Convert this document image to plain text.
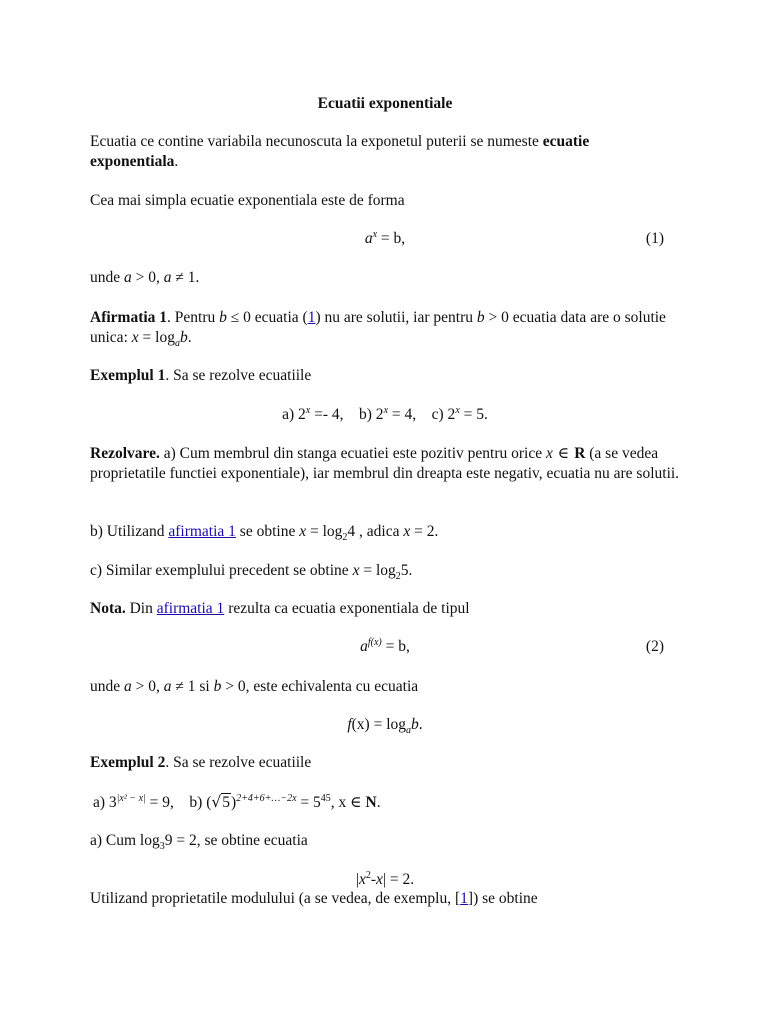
Ecuatii exponentiale
Ecuatia ce contine variabila necunoscuta la exponetul puterii se numeste ecuatie exponentiala.
Cea mai simpla ecuatie exponentiala este de forma
$a^x = b$,	(1)
unde a > 0, a ≠ 1.
Afirmatia 1. Pentru b ≤ 0 ecuatia (1) nu are solutii, iar pentru b > 0 ecuatia data are o solutie unica: $x = \log_ab$.
Exemplul 1. Sa se rezolve ecuatiile
a) $2^x =- 4$, b) $2^x = 4$, c) $2^x = 5$.
Rezolvare. a) Cum membrul din stanga ecuatiei este pozitiv pentru orice x ∈ R (a se vedea proprietatile functiei exponentiale), iar membrul din dreapta este negativ, ecuatia nu are solutii.
b) Utilizand afirmatia 1 se obtine $x = \log_24$ , adica x = 2.
c) Similar exemplului precedent se obtine $x = \log_25$.
Nota. Din afirmatia 1 rezulta ca ecuatia exponentiala de tipul
$a^{f(x)} = b$,	(2)
unde a > 0, a ≠ 1 si b > 0, este echivalenta cu ecuatia
$f(x) = \log_ab$.
Exemplul 2. Sa se rezolve ecuatiile
a) $3^{|x^2 - x|} = 9$, b) $(√5)^{2+4+6+\dots-2x} = 5^{45}$, x ∈ N.
a) Cum $\log_39 = 2$, se obtine ecuatia
$|x^2-x| = 2$.
Utilizand proprietatile modulului (a se vedea, de exemplu, [1]) se obtine
